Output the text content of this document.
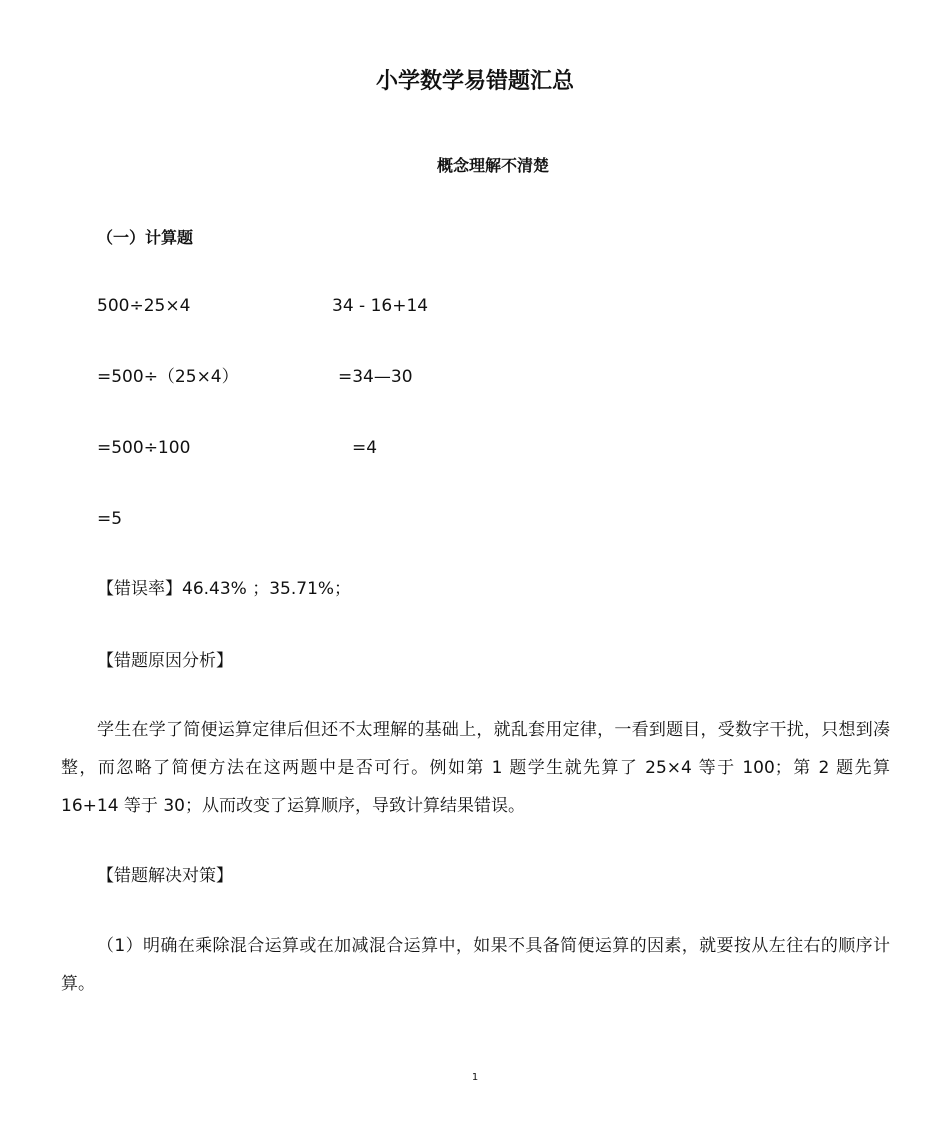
小学数学易错题汇总
概念理解不清楚
（一）计算题
500÷25×4
=500÷（25×4）
=500÷100
=5
34 - 16+14
=34—30
=4
【错误率】46.43% ；35.71%；
【错题原因分析】
学生在学了简便运算定律后但还不太理解的基础上，就乱套用定律，一看到题目，受数字干扰，只想到凑整，而忽略了简便方法在这两题中是否可行。例如第 1 题学生就先算了 25×4 等于 100；第 2 题先算 16+14 等于 30；从而改变了运算顺序，导致计算结果错误。
【错题解决对策】
（1）明确在乘除混合运算或在加减混合运算中，如果不具备简便运算的因素，就要按从左往右的顺序计算。
1
